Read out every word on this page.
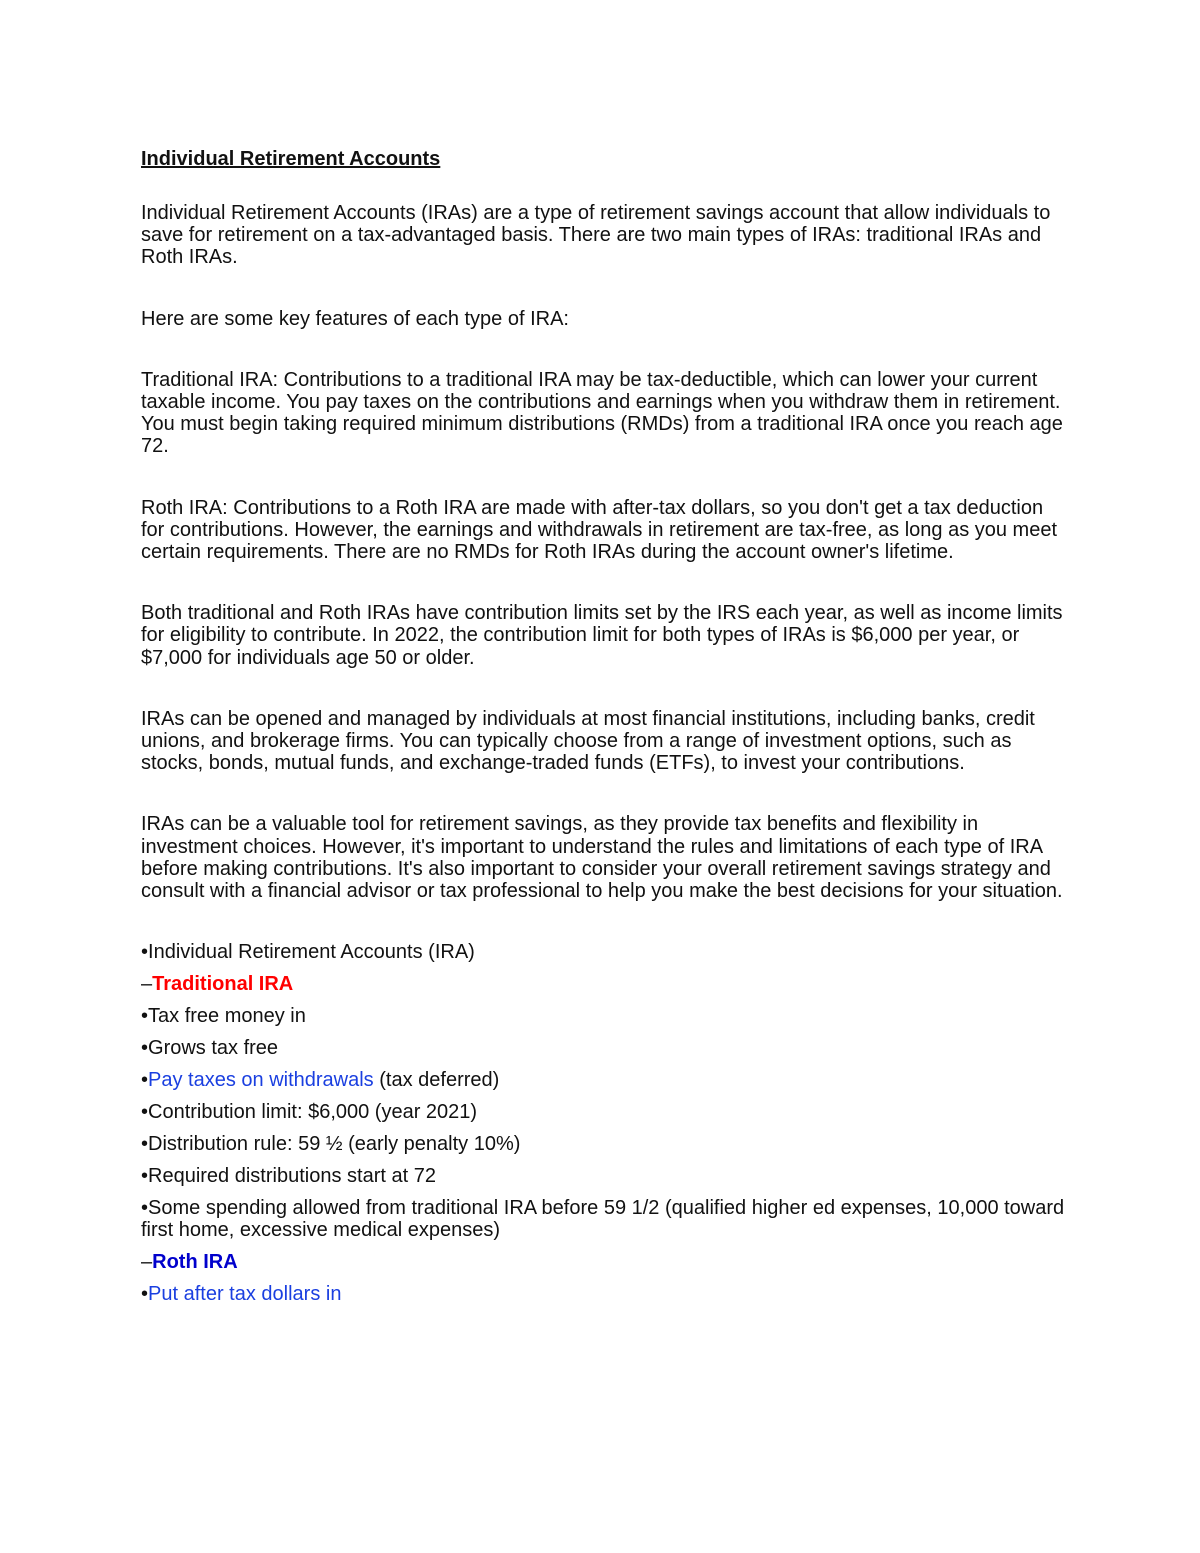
Individual Retirement Accounts

Individual Retirement Accounts (IRAs) are a type of retirement savings account that allow individuals to save for retirement on a tax-advantaged basis. There are two main types of IRAs: traditional IRAs and Roth IRAs.

Here are some key features of each type of IRA:

Traditional IRA: Contributions to a traditional IRA may be tax-deductible, which can lower your current taxable income. You pay taxes on the contributions and earnings when you withdraw them in retirement. You must begin taking required minimum distributions (RMDs) from a traditional IRA once you reach age 72.

Roth IRA: Contributions to a Roth IRA are made with after-tax dollars, so you don't get a tax deduction for contributions. However, the earnings and withdrawals in retirement are tax-free, as long as you meet certain requirements. There are no RMDs for Roth IRAs during the account owner's lifetime.

Both traditional and Roth IRAs have contribution limits set by the IRS each year, as well as income limits for eligibility to contribute. In 2022, the contribution limit for both types of IRAs is $6,000 per year, or $7,000 for individuals age 50 or older.

IRAs can be opened and managed by individuals at most financial institutions, including banks, credit unions, and brokerage firms. You can typically choose from a range of investment options, such as stocks, bonds, mutual funds, and exchange-traded funds (ETFs), to invest your contributions.

IRAs can be a valuable tool for retirement savings, as they provide tax benefits and flexibility in investment choices. However, it's important to understand the rules and limitations of each type of IRA before making contributions. It's also important to consider your overall retirement savings strategy and consult with a financial advisor or tax professional to help you make the best decisions for your situation.

•Individual Retirement Accounts (IRA)
–Traditional IRA
•Tax free money in
•Grows tax free
•Pay taxes on withdrawals (tax deferred)
•Contribution limit: $6,000 (year 2021)
•Distribution rule: 59 ½ (early penalty 10%)
•Required distributions start at 72
•Some spending allowed from traditional IRA before 59 1/2 (qualified higher ed expenses, 10,000 toward first home, excessive medical expenses)
–Roth IRA
•Put after tax dollars in
